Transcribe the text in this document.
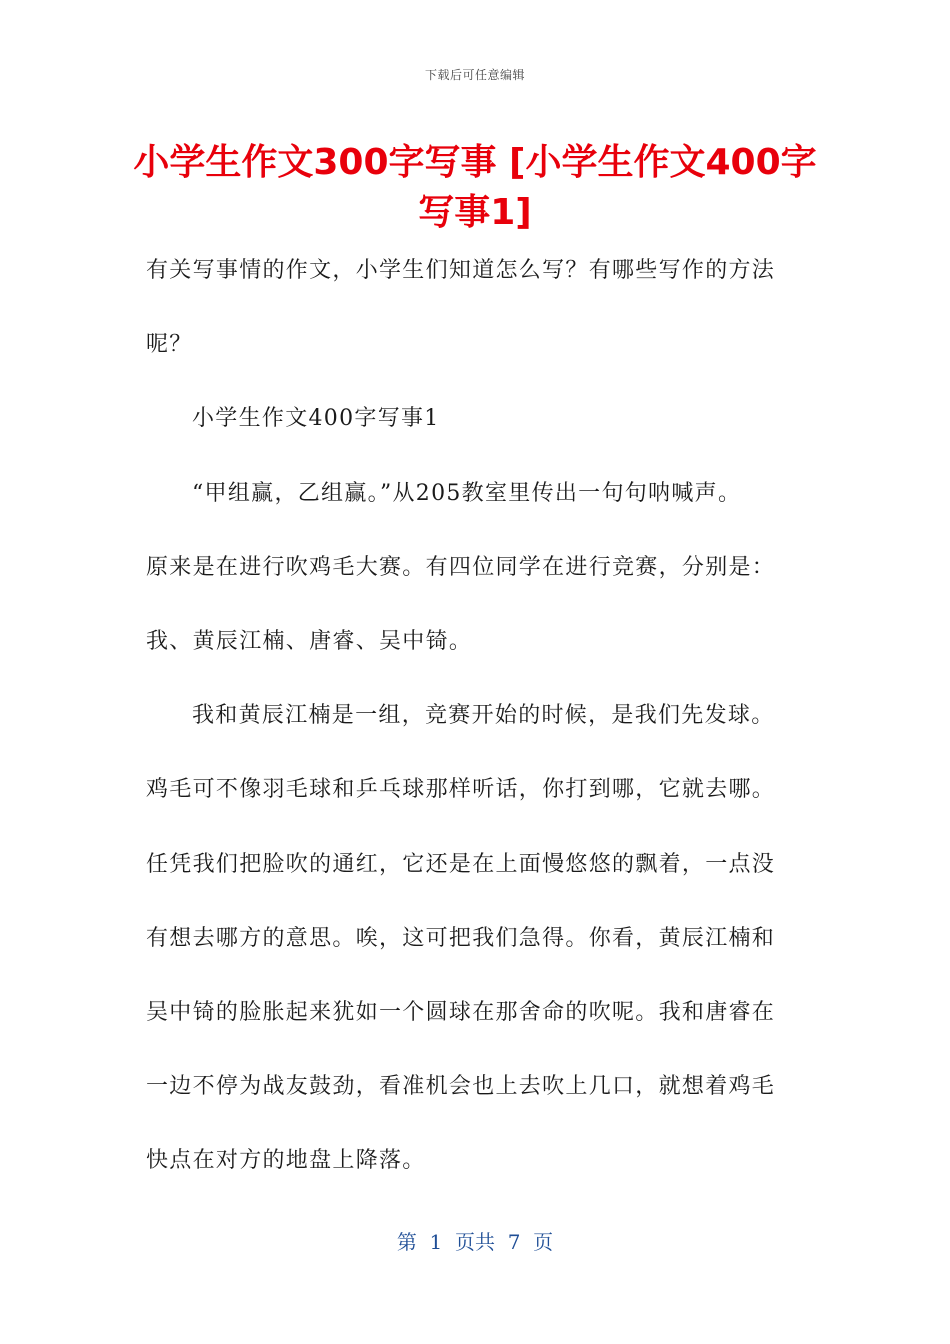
下载后可任意编辑
小学生作文300字写事 [小学生作文400字写事1]
有关写事情的作文，小学生们知道怎么写？有哪些写作的方法
呢？
小学生作文400字写事1
“甲组赢，乙组赢。”从205教室里传出一句句呐喊声。
原来是在进行吹鸡毛大赛。有四位同学在进行竞赛，分别是：
我、黄辰江楠、唐睿、吴中锜。
我和黄辰江楠是一组，竞赛开始的时候，是我们先发球。
鸡毛可不像羽毛球和乒乓球那样听话，你打到哪，它就去哪。
任凭我们把脸吹的通红，它还是在上面慢悠悠的飘着，一点没
有想去哪方的意思。唉，这可把我们急得。你看，黄辰江楠和
吴中锜的脸胀起来犹如一个圆球在那舍命的吹呢。我和唐睿在
一边不停为战友鼓劲，看准机会也上去吹上几口，就想着鸡毛
快点在对方的地盘上降落。
第  1  页共  7  页
